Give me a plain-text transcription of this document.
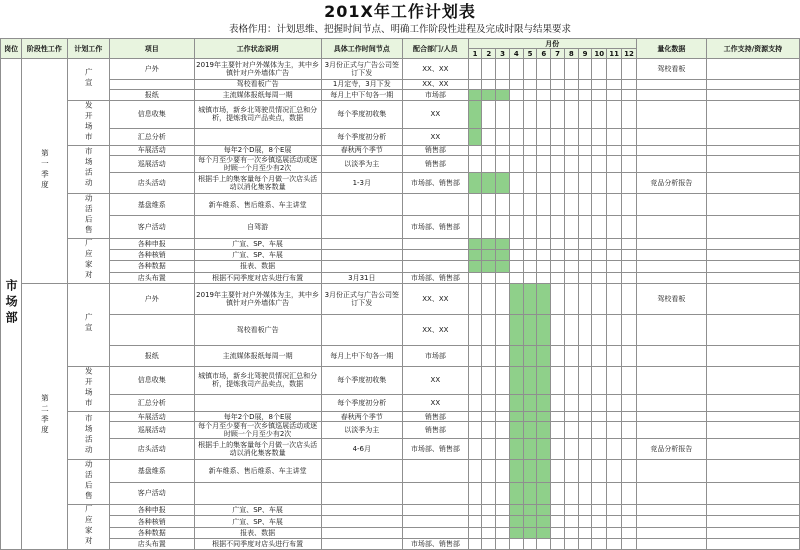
201X年工作计划表
表格作用：计划思维、把握时间节点、明确工作阶段性进程及完成时限与结果要求
岗位	阶段性工作	计划工作	项目	工作状态说明	具体工作时间节点	配合部门/人员	月份												量化数据	工作支持/资源支持
							1	2	3	4	5	6	7	8	9	10	11	12		
市场部	第一季度	广宣	户外	2019年主要针对户外媒体为主，其中乡镇针对户外墙体广告	3月份正式与广告公司签订下发	XX、XX													驾校看板	
				驾校看板广告	1月定寺，3月下发	XX、XX														
			报纸	主流媒体报纸每周一期	每月上中下旬各一期	市场部														
		发开场市	信息收集	城镇市场，新乡北驾驶员情况汇总和分析，提炼我司产品卖点，数据	每个季度初收集	XX														
			汇总分析		每个季度初分析	XX														
		市场活动	车展活动	每年2个D展，8个E展	春秋两个季节	销售部														
			巡展活动	每个月至少要有一次乡镇巡展活动或逐时顾一个月至少有2次	以淡季为主	销售部														
			店头活动	根据手上的集客量每个月做一次店头活动以消化集客数量	1-3月	市场部、销售部													竞品分析报告	
		动活后售	基盘维系	新车维系、售后维系、车主讲堂																
			客户活动	自驾游		市场部、销售部														
		厂应家对	各种申报	广宣、SP、车展																
			各种核销	广宣、SP、车展																
			各种数据	报表、数据																
			店头布置	根据不同季度对店头进行布置	3月31日	市场部、销售部														
	第二季度	广宣	户外	2019年主要针对户外媒体为主，其中乡镇针对户外墙体广告	3月份正式与广告公司签订下发	XX、XX													驾校看板	
				驾校看板广告		XX、XX														
			报纸	主流媒体报纸每周一期	每月上中下旬各一期	市场部														
		发开场市	信息收集	城镇市场，新乡北驾驶员情况汇总和分析，提炼我司产品卖点，数据	每个季度初收集	XX														
			汇总分析		每个季度初分析	XX														
		市场活动	车展活动	每年2个D展，8个E展	春秋两个季节	销售部														
			巡展活动	每个月至少要有一次乡镇巡展活动或逐时顾一个月至少有2次	以淡季为主	销售部														
			店头活动	根据手上的集客量每个月做一次店头活动以消化集客数量	4-6月	市场部、销售部													竞品分析报告	
		动活后售	基盘维系	新车维系、售后维系、车主讲堂																
			客户活动																	
		厂应家对	各种申报	广宣、SP、车展																
			各种核销	广宣、SP、车展																
			各种数据	报表、数据																
			店头布置	根据不同季度对店头进行布置		市场部、销售部														
